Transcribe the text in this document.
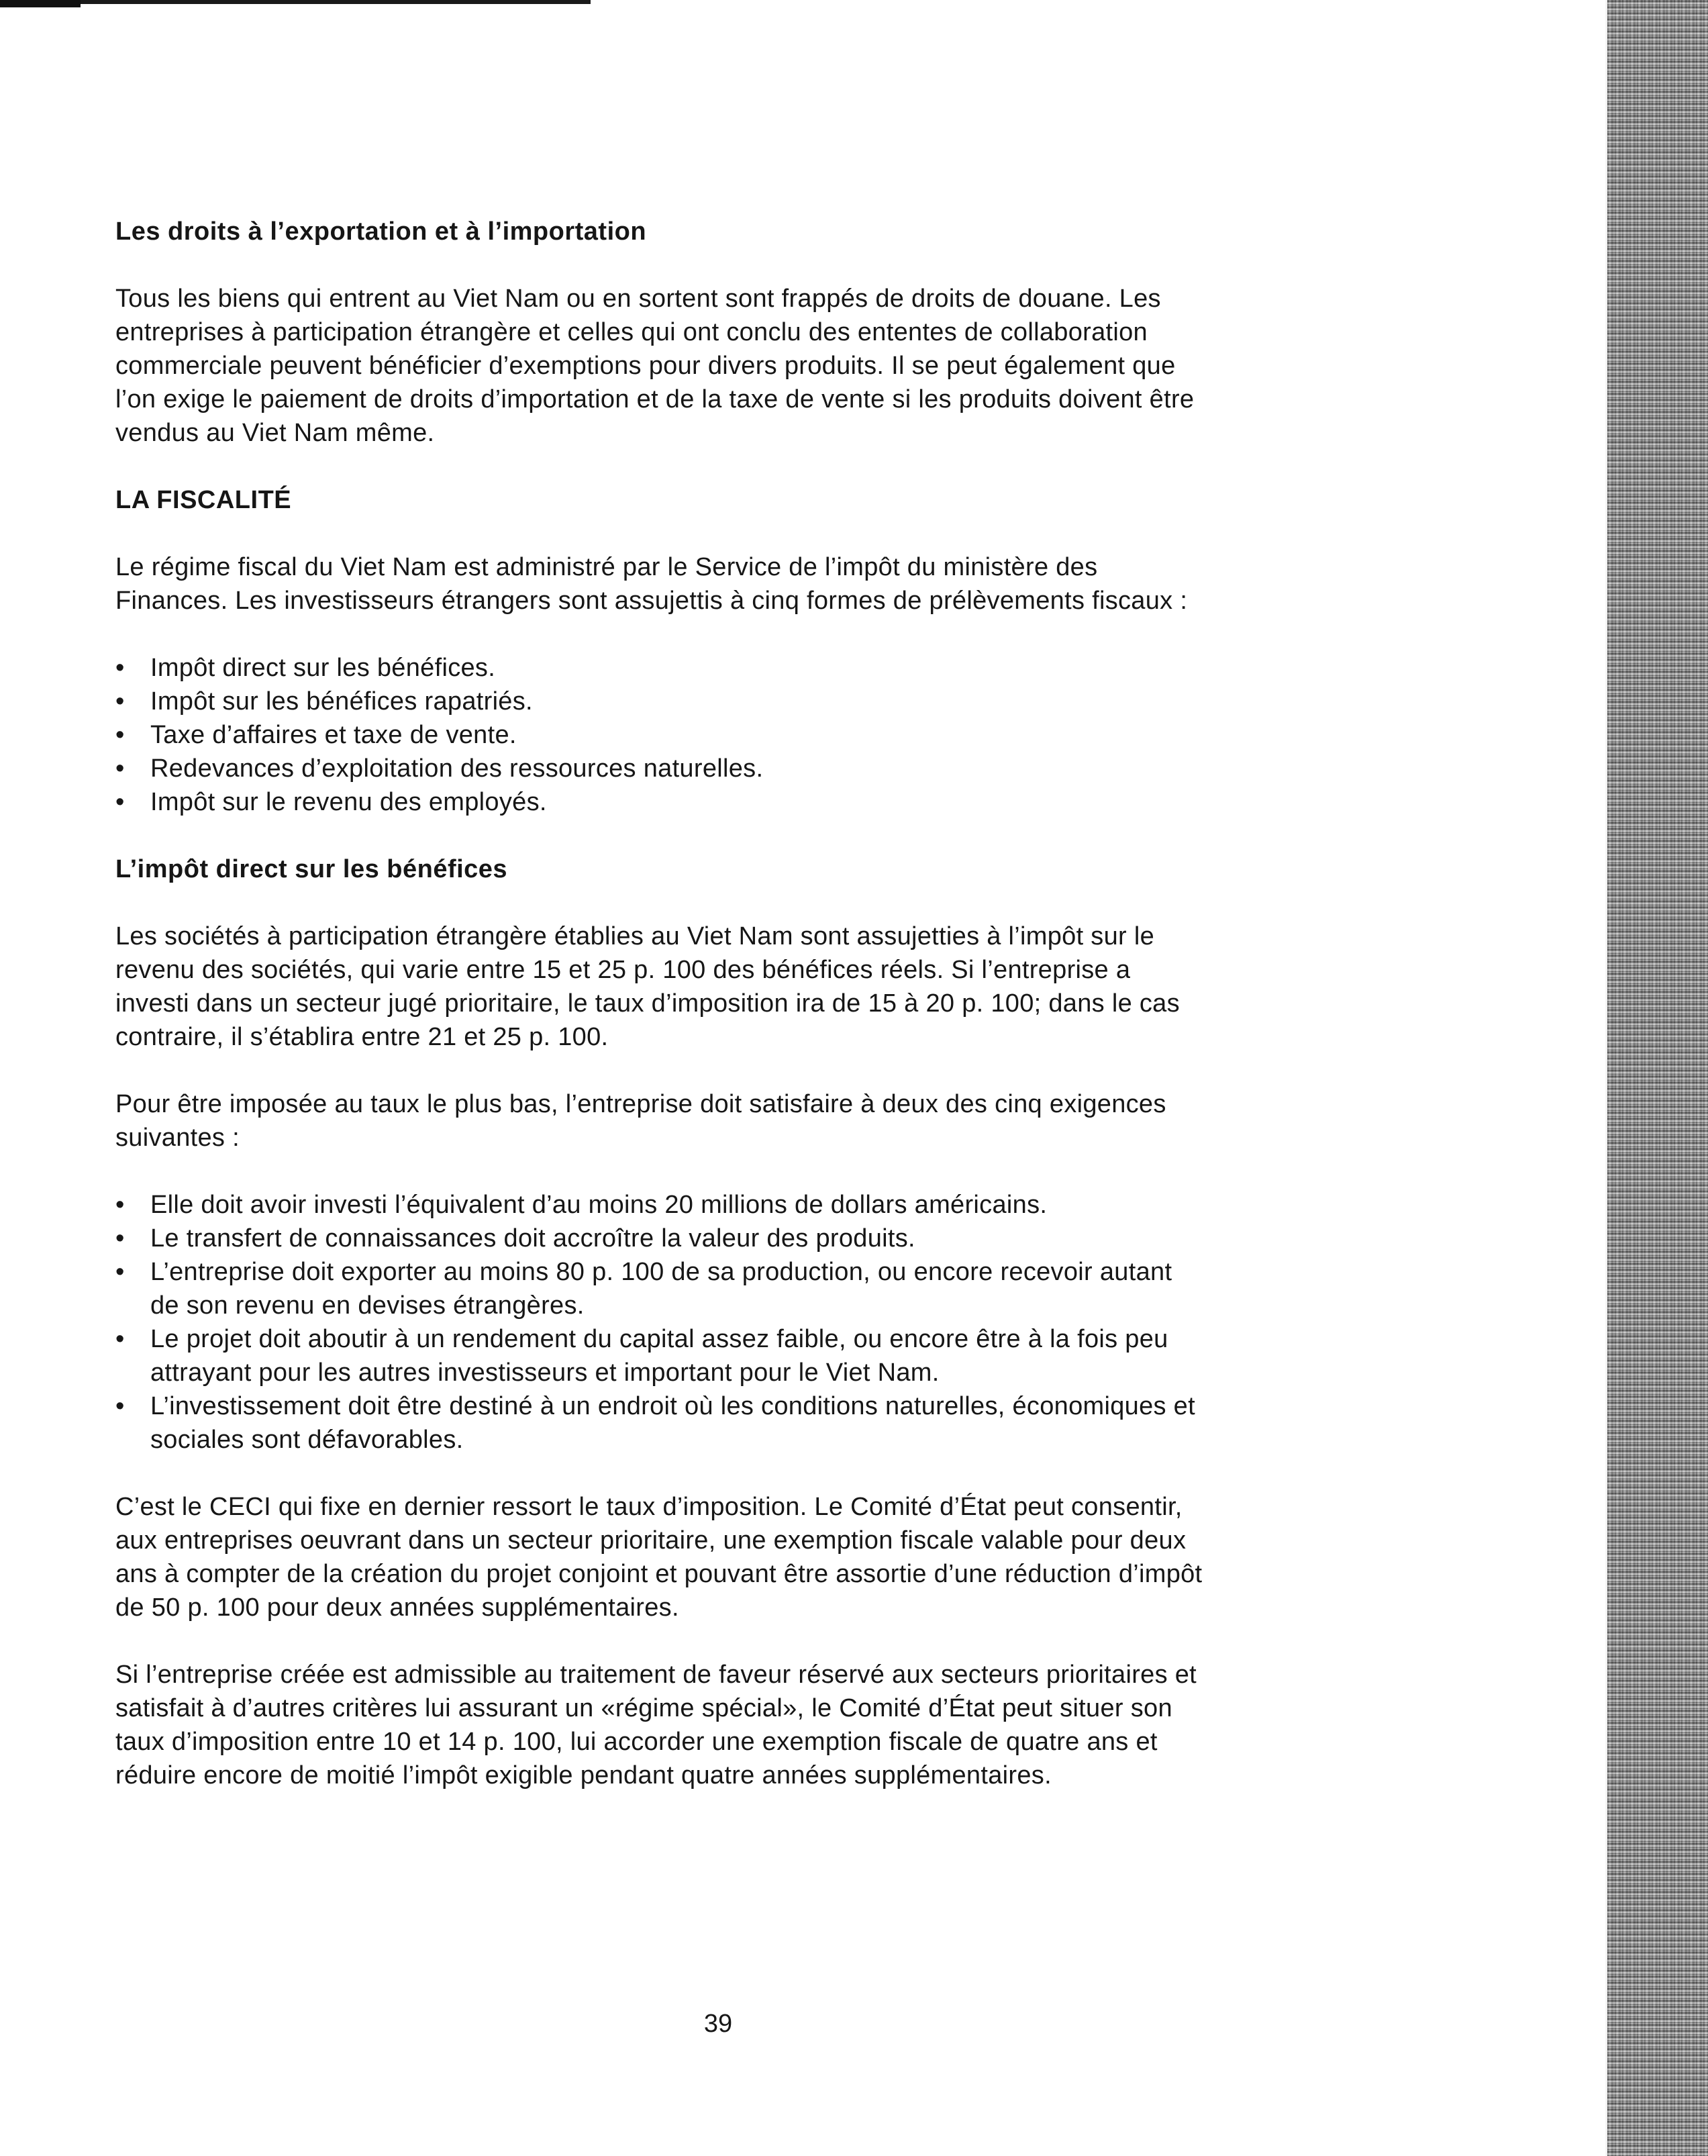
Les droits à l’exportation et à l’importation

Tous les biens qui entrent au Viet Nam ou en sortent sont frappés de droits de douane. Les
entreprises à participation étrangère et celles qui ont conclu des ententes de collaboration
commerciale peuvent bénéficier d’exemptions pour divers produits. Il se peut également que
l’on exige le paiement de droits d’importation et de la taxe de vente si les produits doivent être
vendus au Viet Nam même.

LA FISCALITÉ

Le régime fiscal du Viet Nam est administré par le Service de l’impôt du ministère des
Finances. Les investisseurs étrangers sont assujettis à cinq formes de prélèvements fiscaux :

•	Impôt direct sur les bénéfices.
•	Impôt sur les bénéfices rapatriés.
•	Taxe d’affaires et taxe de vente.
•	Redevances d’exploitation des ressources naturelles.
•	Impôt sur le revenu des employés.
L’impôt direct sur les bénéfices

Les sociétés à participation étrangère établies au Viet Nam sont assujetties à l’impôt sur le
revenu des sociétés, qui varie entre 15 et 25 p. 100 des bénéfices réels. Si l’entreprise a
investi dans un secteur jugé prioritaire, le taux d’imposition ira de 15 à 20 p. 100; dans le cas
contraire, il s’établira entre 21 et 25 p. 100.

Pour être imposée au taux le plus bas, l’entreprise doit satisfaire à deux des cinq exigences
suivantes :

•	Elle doit avoir investi l’équivalent d’au moins 20 millions de dollars américains.
•	Le transfert de connaissances doit accroître la valeur des produits.
•	L’entreprise doit exporter au moins 80 p. 100 de sa production, ou encore recevoir autant
de son revenu en devises étrangères.
•	Le projet doit aboutir à un rendement du capital assez faible, ou encore être à la fois peu
attrayant pour les autres investisseurs et important pour le Viet Nam.
•	L’investissement doit être destiné à un endroit où les conditions naturelles, économiques et
sociales sont défavorables.

C’est le CECI qui fixe en dernier ressort le taux d’imposition. Le Comité d’État peut consentir,
aux entreprises oeuvrant dans un secteur prioritaire, une exemption fiscale valable pour deux
ans à compter de la création du projet conjoint et pouvant être assortie d’une réduction d’impôt
de 50 p. 100 pour deux années supplémentaires.

Si l’entreprise créée est admissible au traitement de faveur réservé aux secteurs prioritaires et
satisfait à d’autres critères lui assurant un «régime spécial», le Comité d’État peut situer son
taux d’imposition entre 10 et 14 p. 100, lui accorder une exemption fiscale de quatre ans et
réduire encore de moitié l’impôt exigible pendant quatre années supplémentaires.

39
